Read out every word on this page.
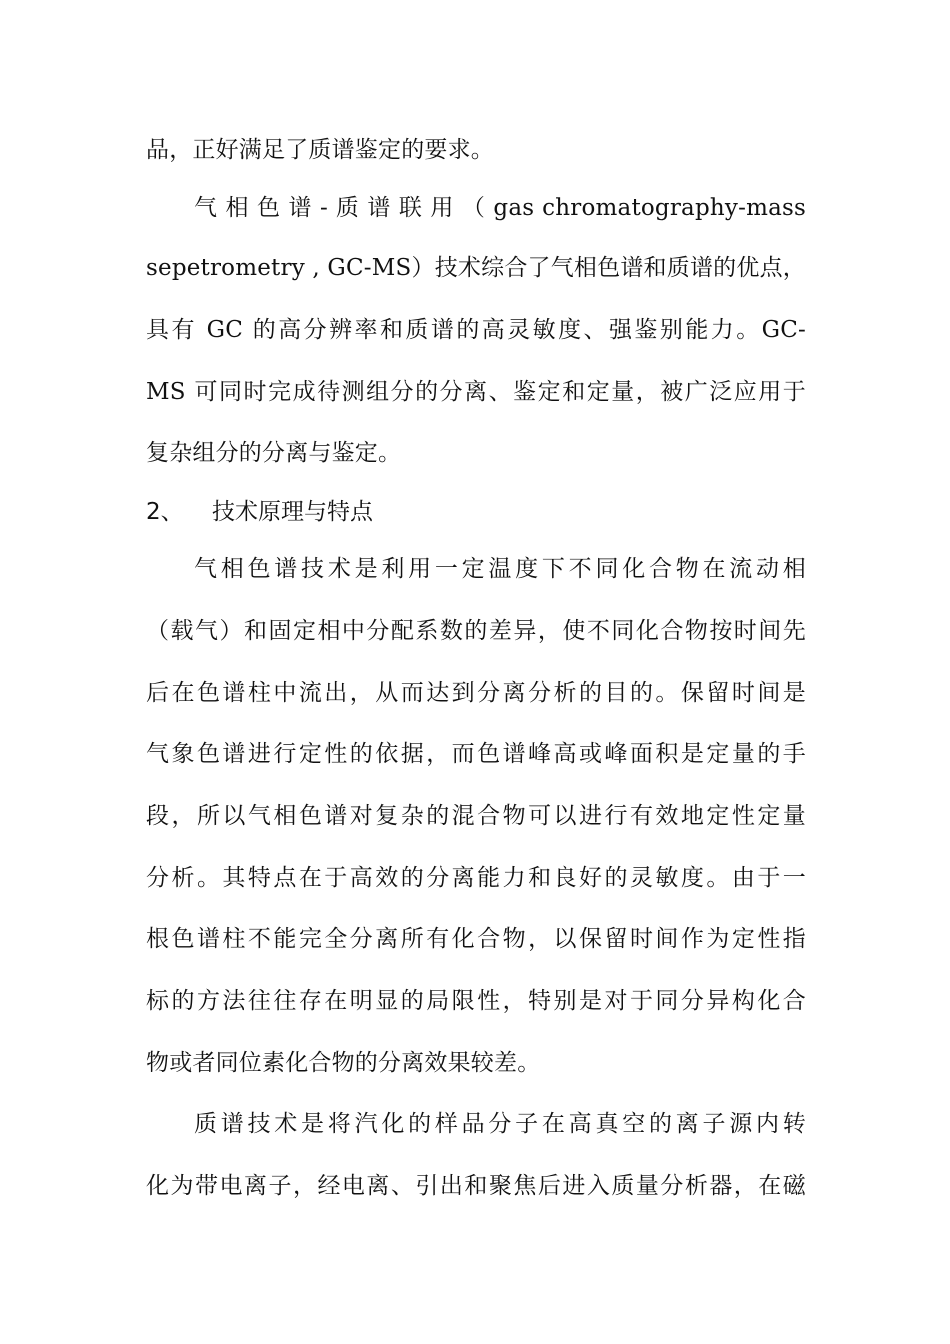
品，正好满足了质谱鉴定的要求。

气 相 色 谱 - 质 谱 联 用 （ gas chromatography-mass

sepetrometry , GC-MS）技术综合了气相色谱和质谱的优点，

具有 GC 的高分辨率和质谱的高灵敏度、强鉴别能力。GC-

MS 可同时完成待测组分的分离、鉴定和定量，被广泛应用于

复杂组分的分离与鉴定。

2、 技术原理与特点

气相色谱技术是利用一定温度下不同化合物在流动相

（载气）和固定相中分配系数的差异，使不同化合物按时间先

后在色谱柱中流出，从而达到分离分析的目的。保留时间是

气象色谱进行定性的依据，而色谱峰高或峰面积是定量的手

段，所以气相色谱对复杂的混合物可以进行有效地定性定量

分析。其特点在于高效的分离能力和良好的灵敏度。由于一

根色谱柱不能完全分离所有化合物，以保留时间作为定性指

标的方法往往存在明显的局限性，特别是对于同分异构化合

物或者同位素化合物的分离效果较差。

质谱技术是将汽化的样品分子在高真空的离子源内转

化为带电离子，经电离、引出和聚焦后进入质量分析器，在磁
